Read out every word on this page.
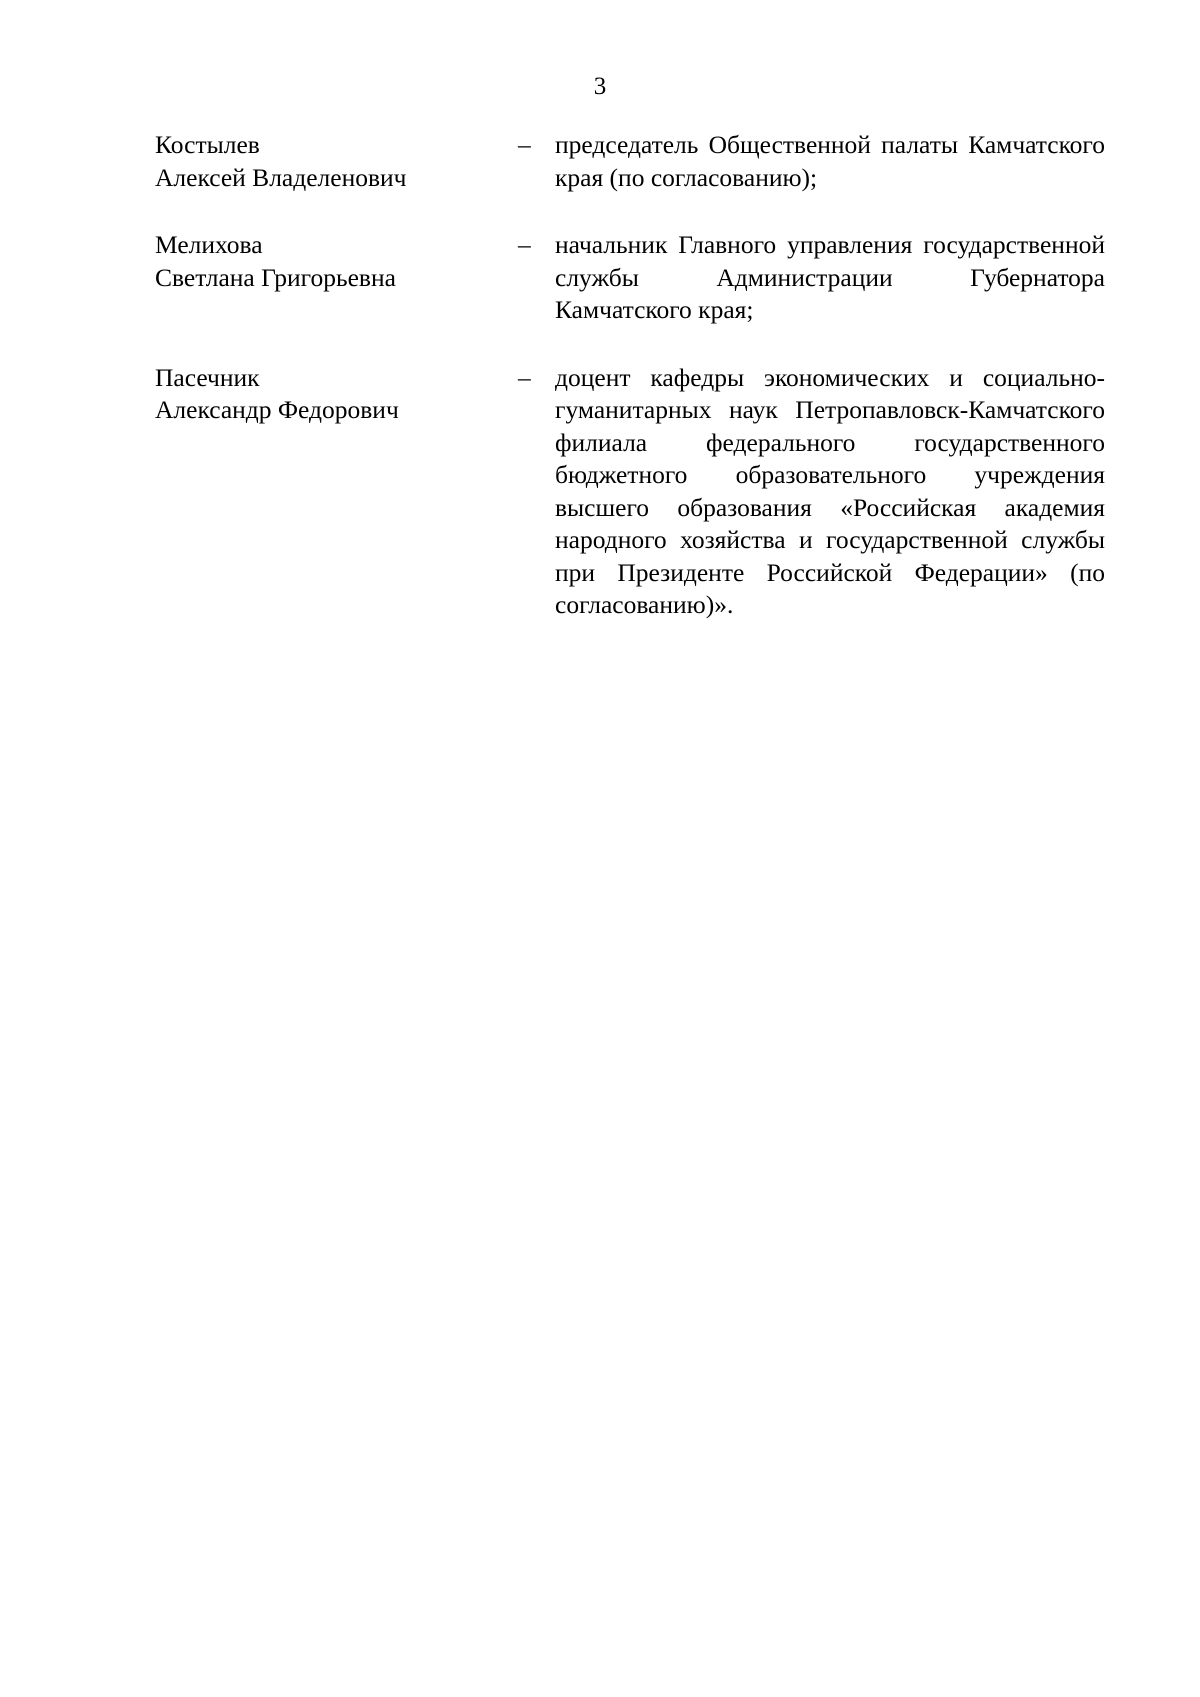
3
Костылев
Алексей Владеленович
– председатель Общественной палаты Камчатского края (по согласованию);
Мелихова
Светлана Григорьевна
– начальник Главного управления государственной службы Администрации Губернатора Камчатского края;
Пасечник
Александр Федорович
– доцент кафедры экономических и социально-гуманитарных наук Петропавловск-Камчатского филиала федерального государственного бюджетного образовательного учреждения высшего образования «Российская академия народного хозяйства и государственной службы при Президенте Российской Федерации» (по согласованию)».
